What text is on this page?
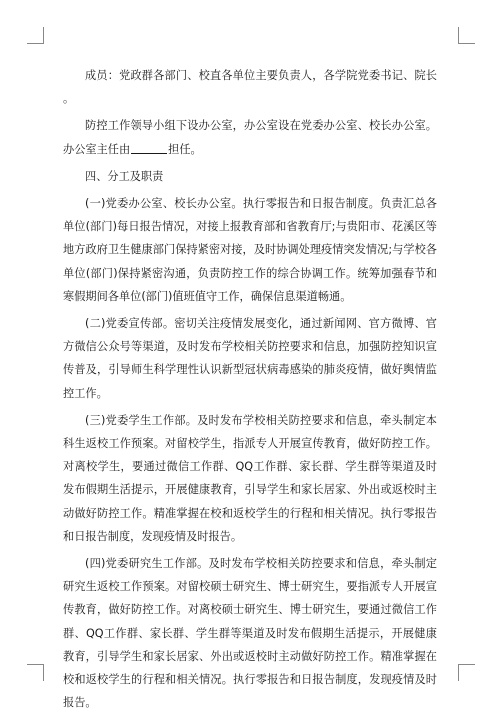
成员：党政群各部门、校直各单位主要负责人，各学院党委书记、院长。

防控工作领导小组下设办公室，办公室设在党委办公室、校长办公室。办公室主任由	担任。

四、分工及职责

(一)党委办公室、校长办公室。执行零报告和日报告制度。负责汇总各单位(部门)每日报告情况，对接上报教育部和省教育厅;与贵阳市、花溪区等地方政府卫生健康部门保持紧密对接，及时协调处理疫情突发情况;与学校各单位(部门)保持紧密沟通，负责防控工作的综合协调工作。统筹加强春节和寒假期间各单位(部门)值班值守工作，确保信息渠道畅通。

(二)党委宣传部。密切关注疫情发展变化，通过新闻网、官方微博、官方微信公众号等渠道，及时发布学校相关防控要求和信息，加强防控知识宣传普及，引导师生科学理性认识新型冠状病毒感染的肺炎疫情，做好舆情监控工作。

(三)党委学生工作部。及时发布学校相关防控要求和信息，牵头制定本科生返校工作预案。对留校学生，指派专人开展宣传教育，做好防控工作。对离校学生，要通过微信工作群、QQ工作群、家长群、学生群等渠道及时发布假期生活提示，开展健康教育，引导学生和家长居家、外出或返校时主动做好防控工作。精准掌握在校和返校学生的行程和相关情况。执行零报告和日报告制度，发现疫情及时报告。

(四)党委研究生工作部。及时发布学校相关防控要求和信息，牵头制定研究生返校工作预案。对留校硕士研究生、博士研究生，要指派专人开展宣传教育，做好防控工作。对离校硕士研究生、博士研究生，要通过微信工作群、QQ工作群、家长群、学生群等渠道及时发布假期生活提示，开展健康教育，引导学生和家长居家、外出或返校时主动做好防控工作。精准掌握在校和返校学生的行程和相关情况。执行零报告和日报告制度，发现疫情及时报告。
